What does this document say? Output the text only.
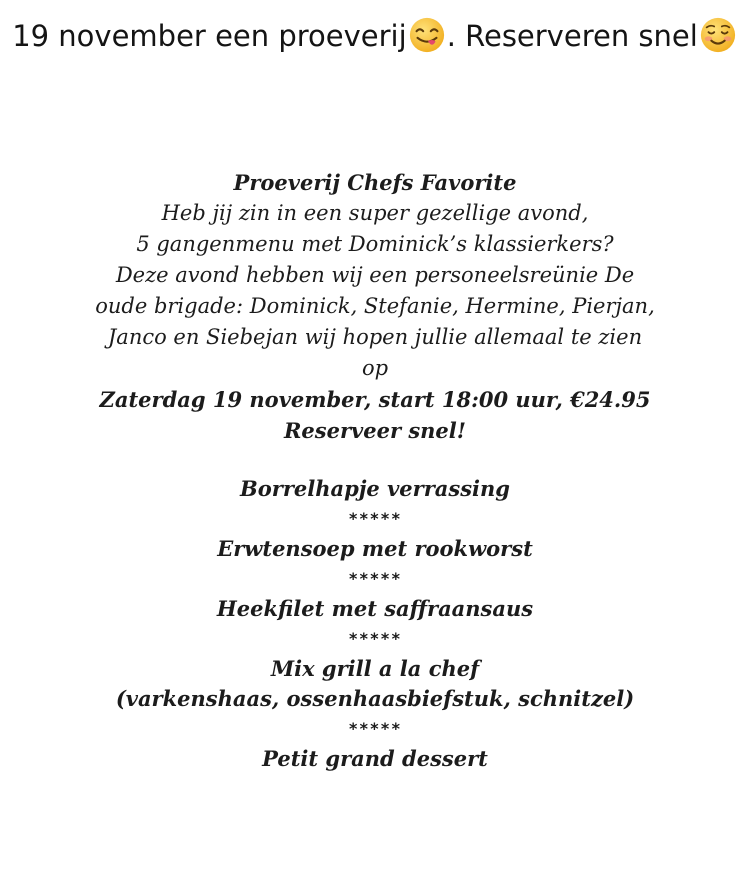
19 november een proeverij . Reserveren snel
Proeverij Chefs Favorite
Heb jij zin in een super gezellige avond,
5 gangenmenu met Dominick’s klassierkers?
Deze avond hebben wij een personeelsreünie De
oude brigade: Dominick, Stefanie, Hermine, Pierjan,
Janco en Siebejan wij hopen jullie allemaal te zien
op
Zaterdag 19 november, start 18:00 uur, €24.95
Reserveer snel!
Borrelhapje verrassing
*****
Erwtensoep met rookworst
*****
Heekfilet met saffraansaus
*****
Mix grill a la chef
(varkenshaas, ossenhaasbiefstuk, schnitzel)
*****
Petit grand dessert
